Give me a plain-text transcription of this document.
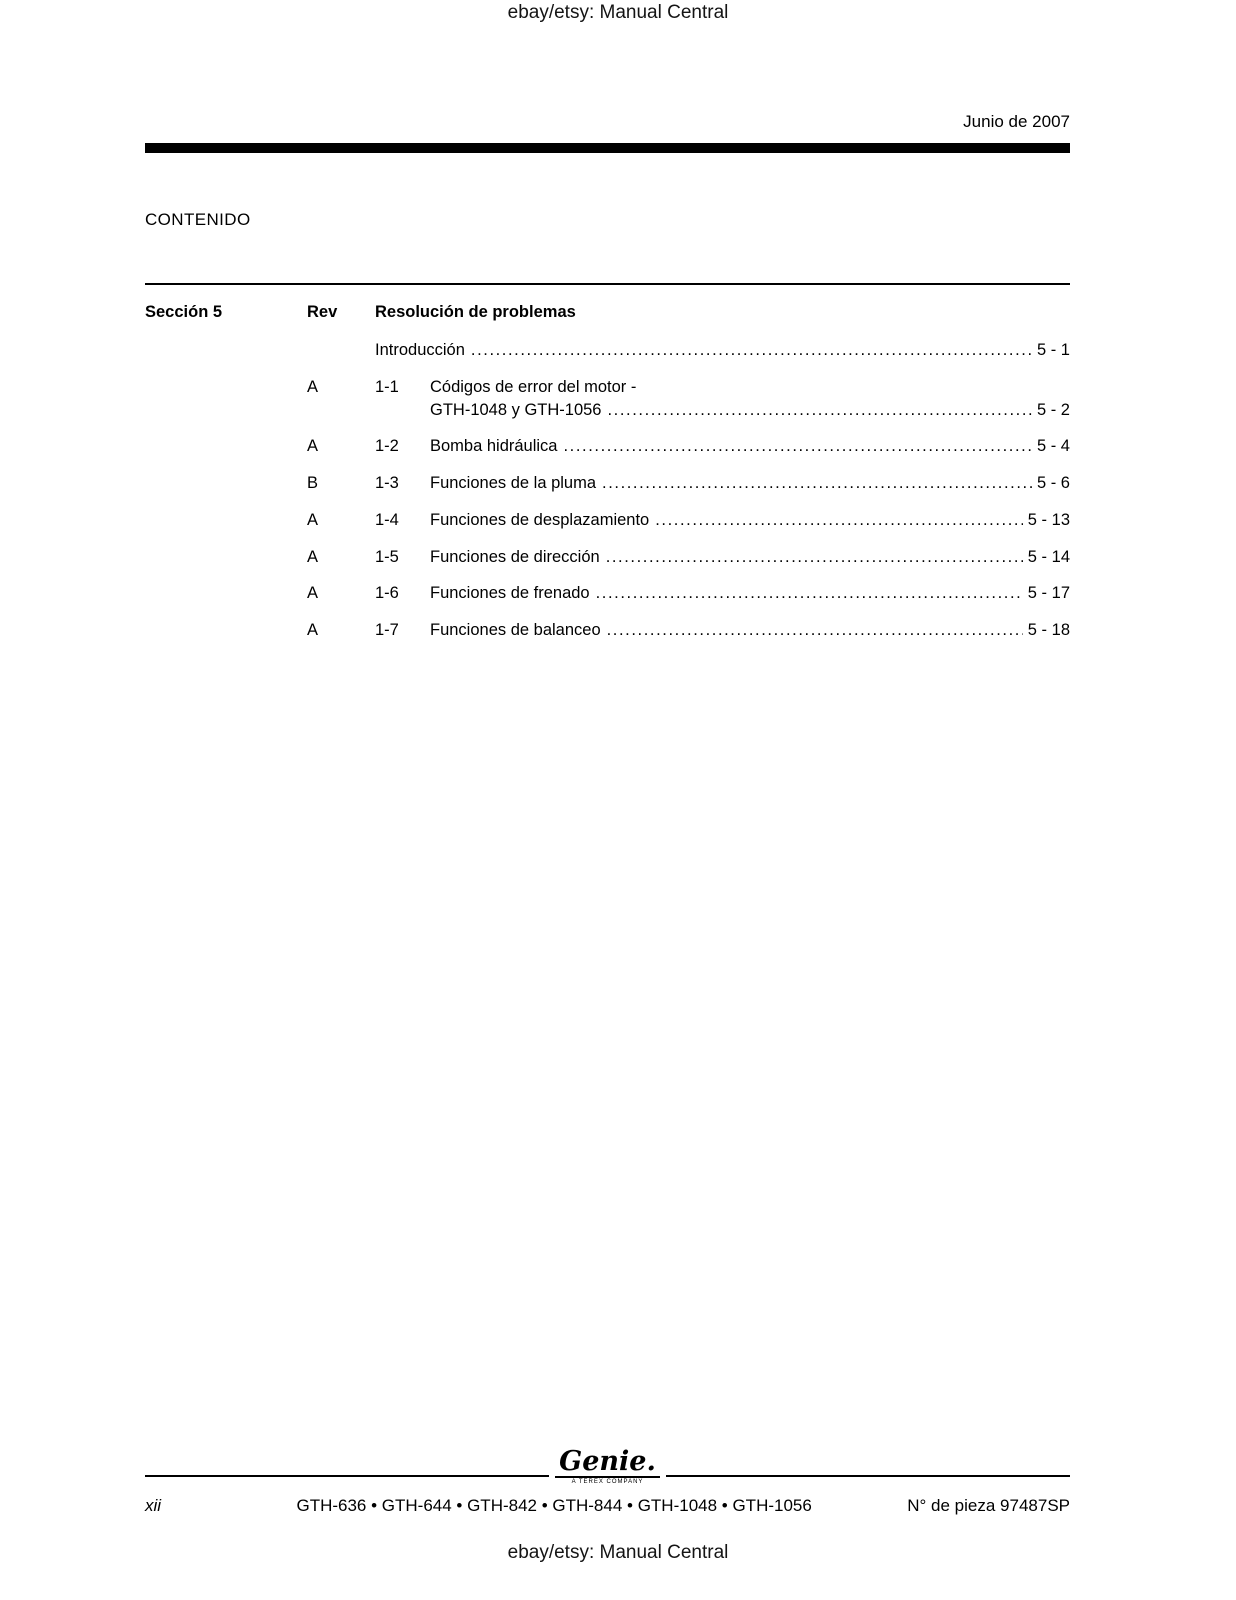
ebay/etsy: Manual Central
Junio de 2007
CONTENIDO
Sección 5	Rev	Resolución de problemas
Introducción .....	5 - 1
A	1-1	Códigos de error del motor -
GTH-1048 y GTH-1056 .....	5 - 2
A	1-2	Bomba hidráulica .....	5 - 4
B	1-3	Funciones de la pluma .....	5 - 6
A	1-4	Funciones de desplazamiento .....	5 - 13
A	1-5	Funciones de dirección .....	5 - 14
A	1-6	Funciones de frenado .....	5 - 17
A	1-7	Funciones de balanceo .....	5 - 18
Genie.
A TEREX COMPANY
xii	GTH-636 • GTH-644 • GTH-842 • GTH-844 • GTH-1048 • GTH-1056	N° de pieza 97487SP
ebay/etsy: Manual Central
